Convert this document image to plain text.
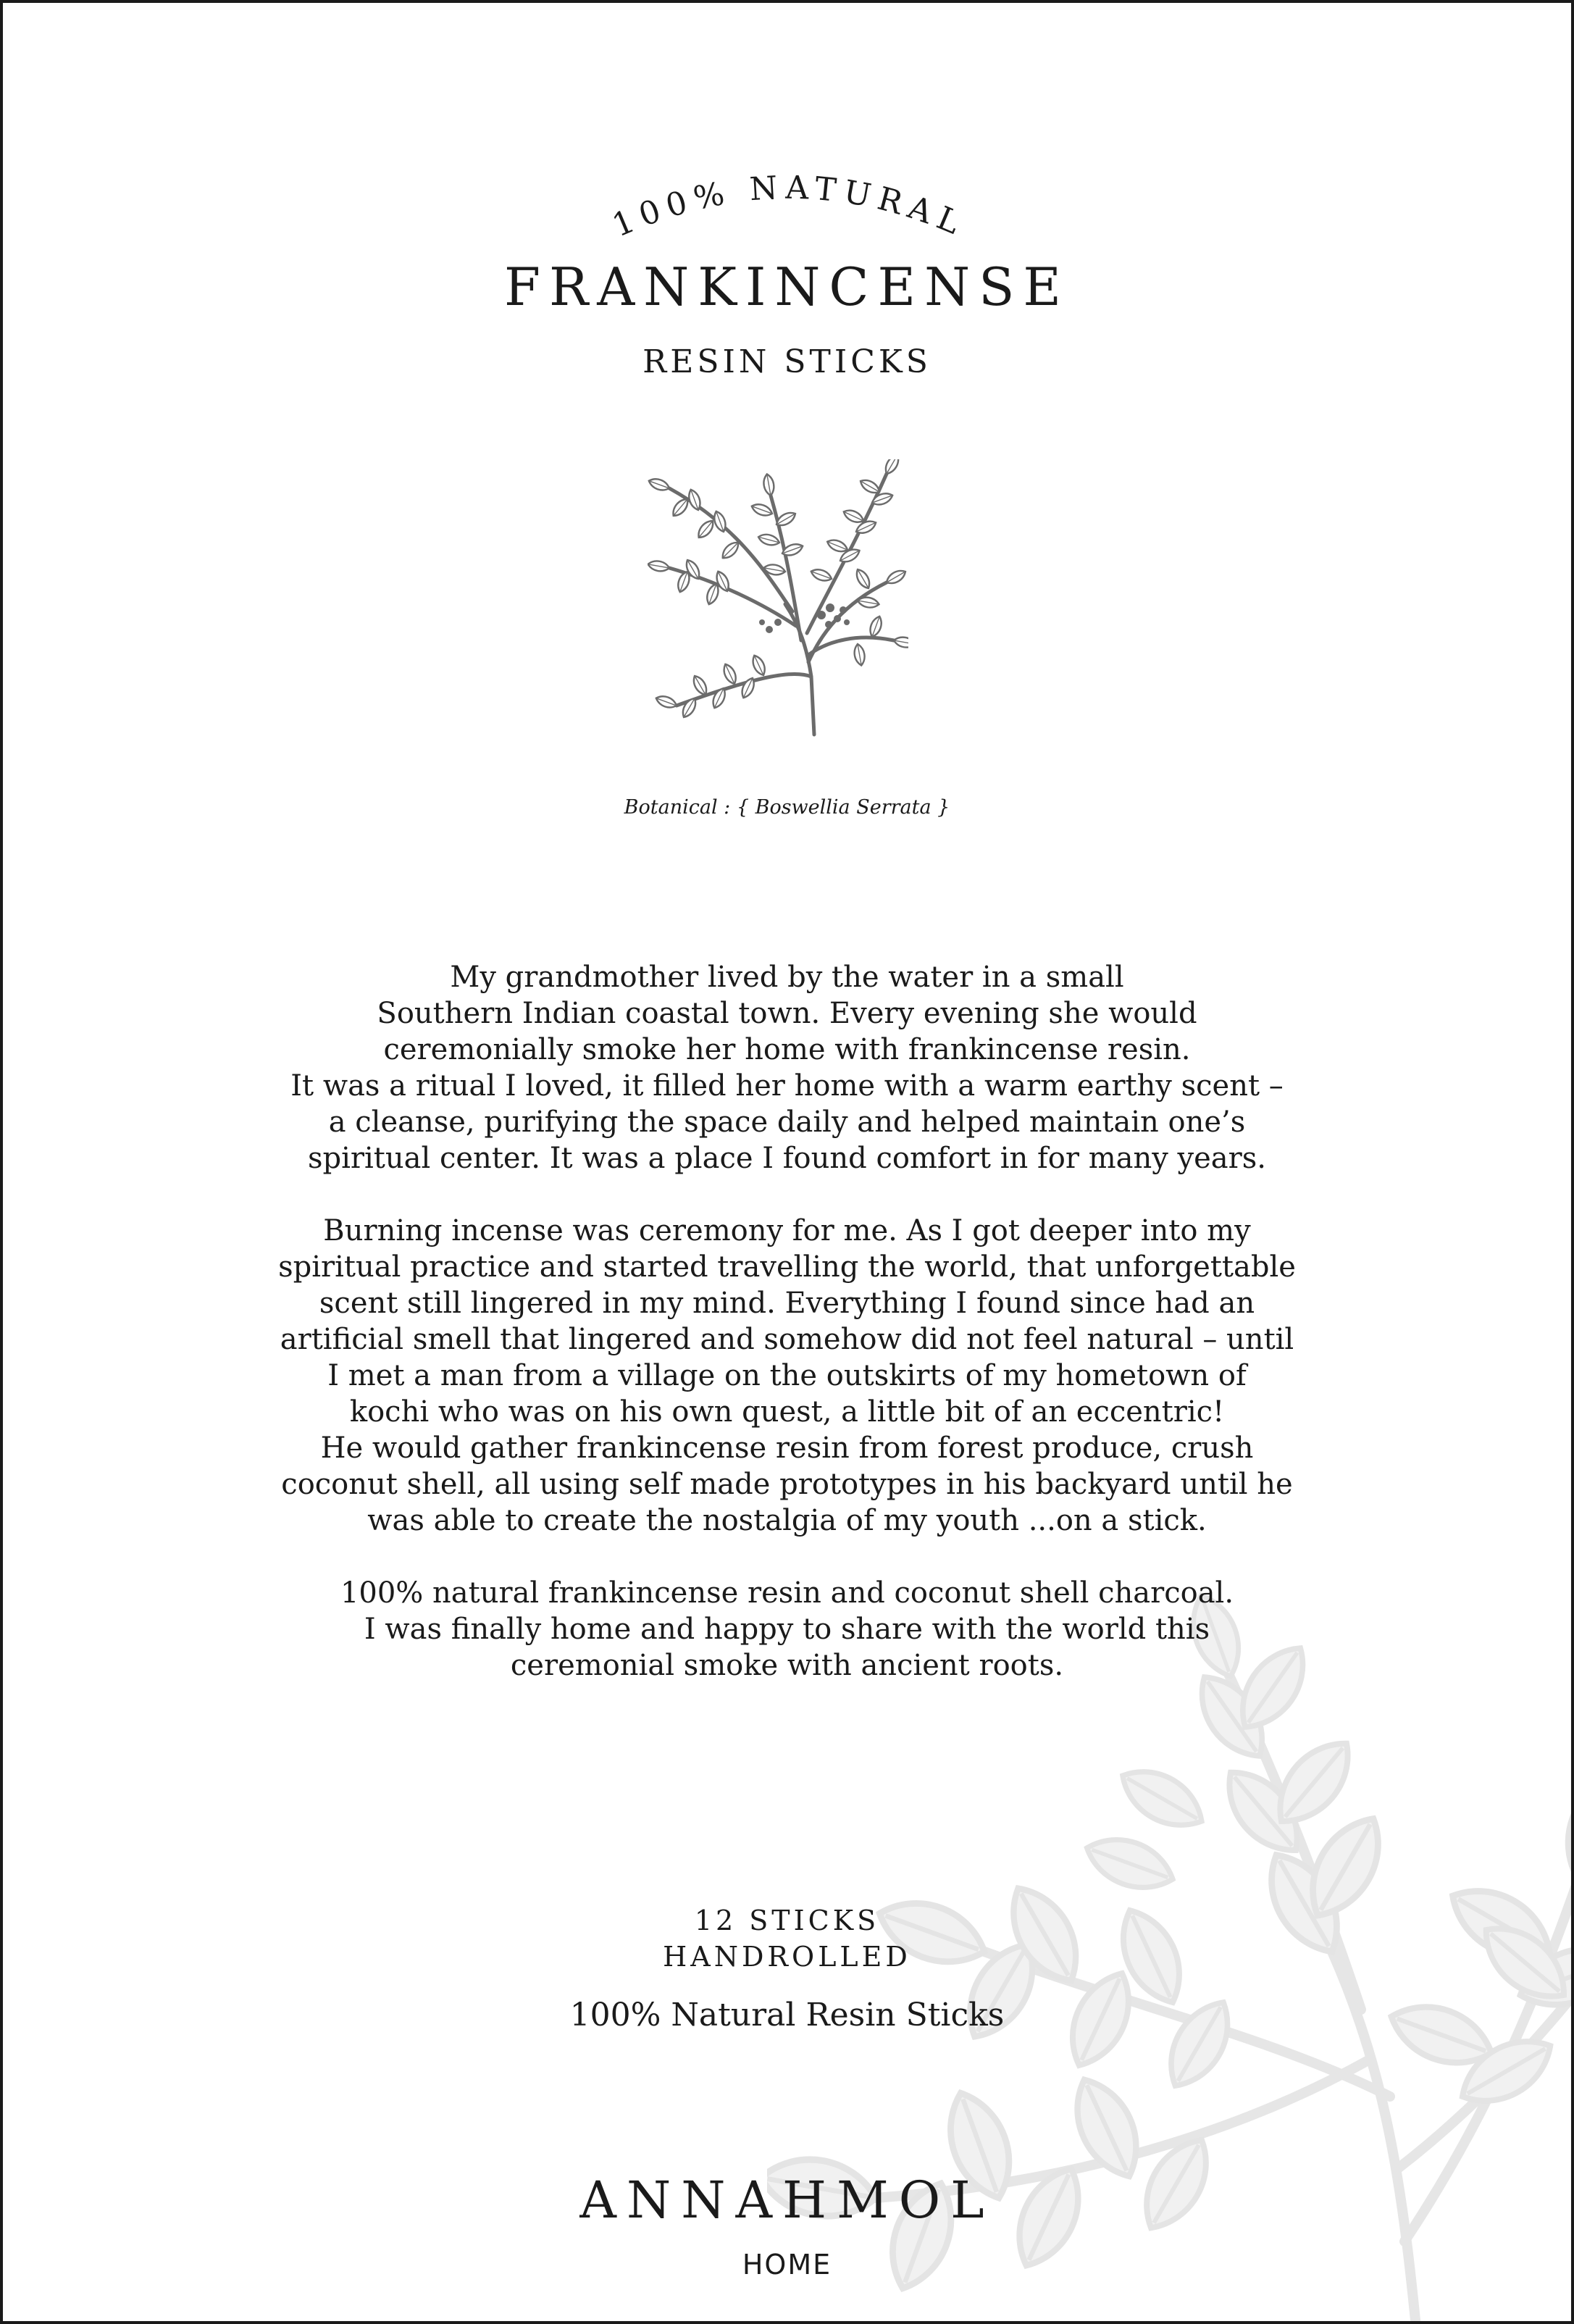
100% NATURAL
FRANKINCENSE
RESIN STICKS
Botanical : { Boswellia Serrata }

My grandmother lived by the water in a small
Southern Indian coastal town. Every evening she would
ceremonially smoke her home with frankincense resin.
It was a ritual I loved, it filled her home with a warm earthy scent –
a cleanse, purifying the space daily and helped maintain one’s
spiritual center. It was a place I found comfort in for many years.

Burning incense was ceremony for me. As I got deeper into my
spiritual practice and started travelling the world, that unforgettable
scent still lingered in my mind. Everything I found since had an
artificial smell that lingered and somehow did not feel natural – until
I met a man from a village on the outskirts of my hometown of
kochi who was on his own quest, a little bit of an eccentric!
He would gather frankincense resin from forest produce, crush
coconut shell, all using self made prototypes in his backyard until he
was able to create the nostalgia of my youth ...on a stick.

100% natural frankincense resin and coconut shell charcoal.
I was finally home and happy to share with the world this
ceremonial smoke with ancient roots.

12 STICKS
HANDROLLED
100% Natural Resin Sticks
ANNAHMOL
HOME
